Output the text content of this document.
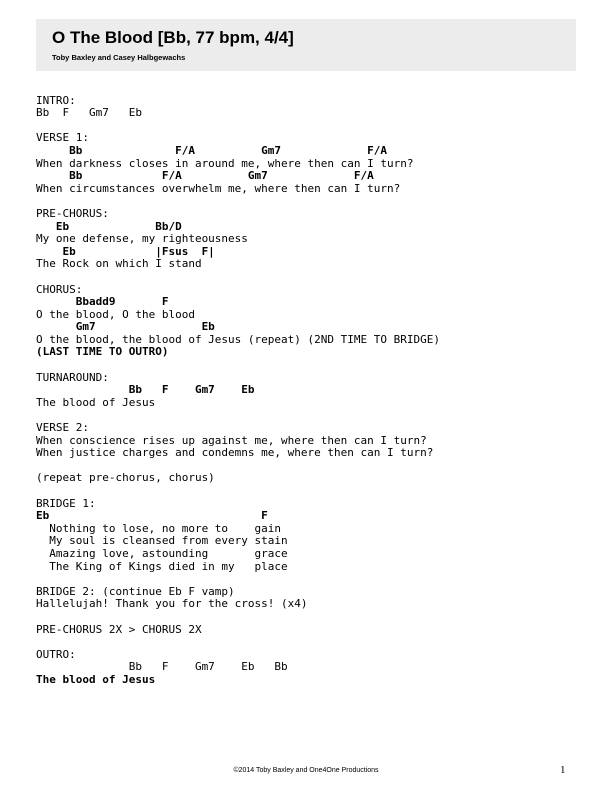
O The Blood [Bb, 77 bpm, 4/4]
Toby Baxley and Casey Halbgewachs
INTRO:
Bb  F   Gm7   Eb
VERSE 1:
Bb              F/A          Gm7             F/A
When darkness closes in around me, where then can I turn?
Bb            F/A          Gm7             F/A
When circumstances overwhelm me, where then can I turn?
PRE-CHORUS:
Eb             Bb/D
My one defense, my righteousness
Eb            |Fsus  F|
The Rock on which I stand
CHORUS:
Bbadd9       F
O the blood, O the blood
Gm7                Eb
O the blood, the blood of Jesus (repeat) (2ND TIME TO BRIDGE)
(LAST TIME TO OUTRO)
TURNAROUND:
Bb   F    Gm7    Eb
The blood of Jesus
VERSE 2:
When conscience rises up against me, where then can I turn?
When justice charges and condemns me, where then can I turn?
(repeat pre-chorus, chorus)
BRIDGE 1:
Eb                                F
Nothing to lose, no more to    gain
My soul is cleansed from every stain
Amazing love, astounding       grace
The King of Kings died in my   place
BRIDGE 2: (continue Eb F vamp)
Hallelujah! Thank you for the cross! (x4)
PRE-CHORUS 2X > CHORUS 2X
OUTRO:
Bb   F    Gm7    Eb   Bb
The blood of Jesus
©2014 Toby Baxley and One4One Productions	1
